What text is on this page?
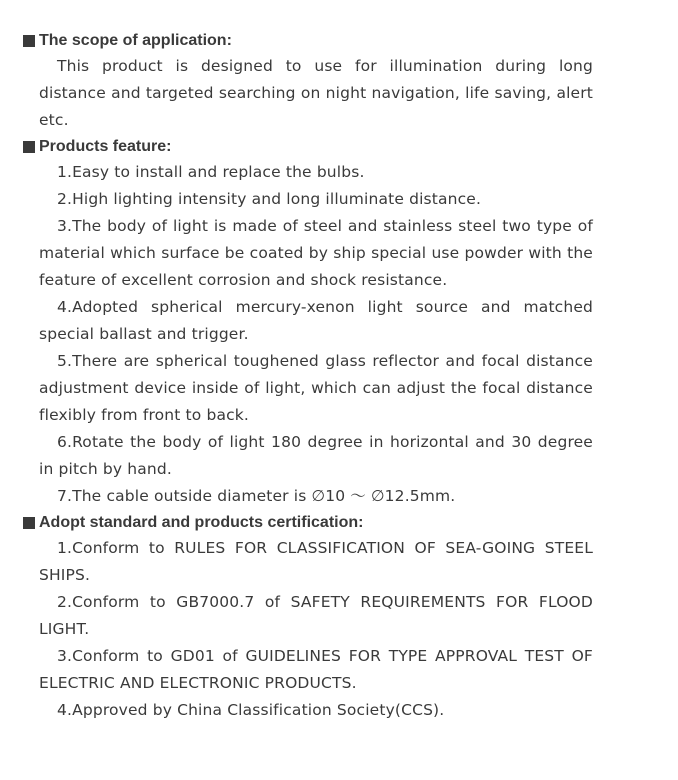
The scope of application:

This product is designed to use for illumination during long distance and targeted searching on night navigation, life saving, alert etc.

Products feature:

1.Easy to install and replace the bulbs.

2.High lighting intensity and long illuminate distance.

3.The body of light is made of steel and stainless steel two type of material which surface be coated by ship special use powder with the feature of excellent corrosion and shock resistance.

4.Adopted spherical mercury-xenon light source and matched special ballast and trigger.

5.There are spherical toughened glass reflector and focal distance adjustment device inside of light, which can adjust the focal distance flexibly from front to back.

6.Rotate the body of light 180 degree in horizontal and 30 degree in pitch by hand.

7.The cable outside diameter is ∅10 ～ ∅12.5mm.

Adopt standard and products certification:

1.Conform to RULES FOR CLASSIFICATION OF SEA-GOING STEEL SHIPS.

2.Conform to GB7000.7 of SAFETY REQUIREMENTS FOR FLOOD LIGHT.

3.Conform to GD01 of GUIDELINES FOR TYPE APPROVAL TEST OF ELECTRIC AND ELECTRONIC PRODUCTS.

4.Approved by China Classification Society(CCS).
